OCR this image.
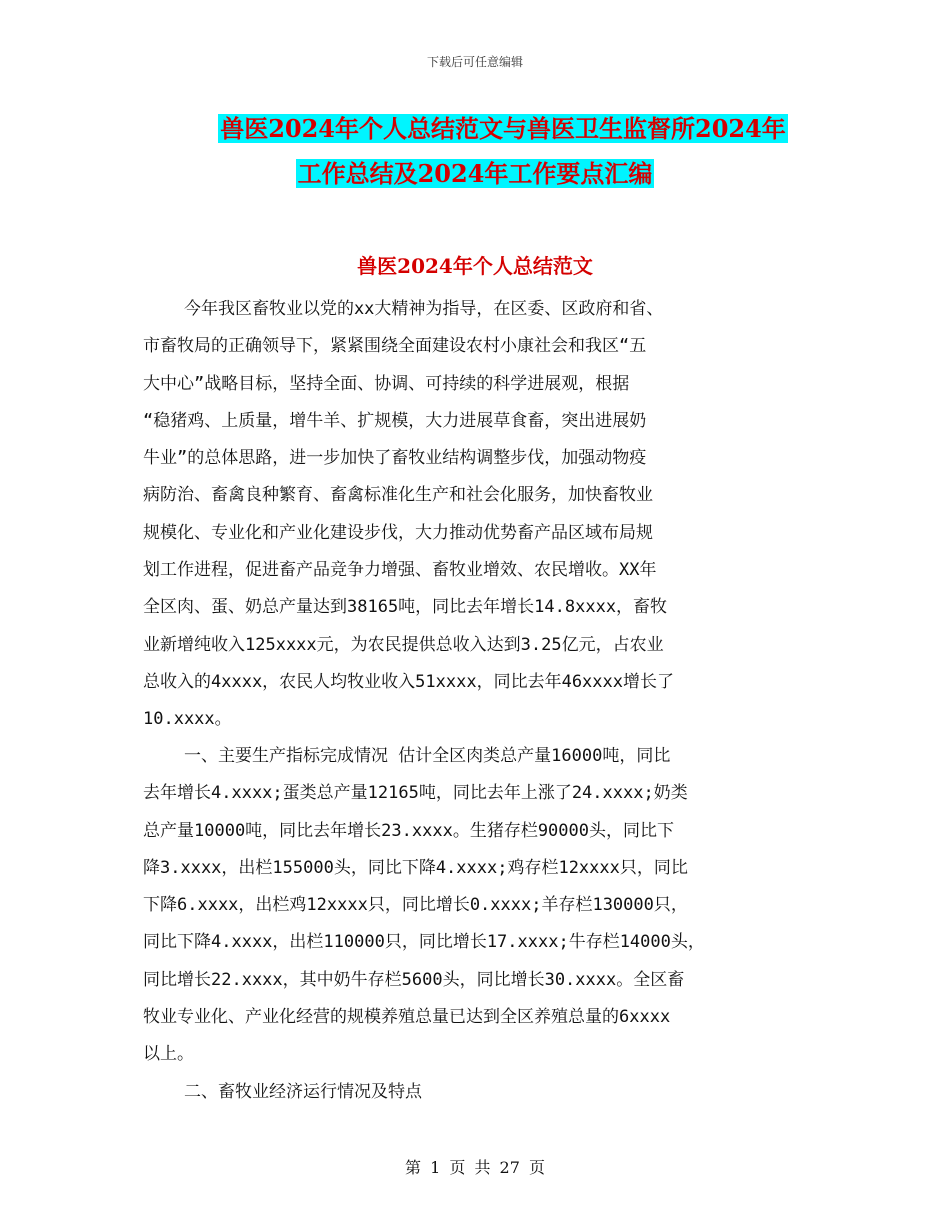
下载后可任意编辑
兽医2024年个人总结范文与兽医卫生监督所2024年
工作总结及2024年工作要点汇编
兽医2024年个人总结范文
今年我区畜牧业以党的xx大精神为指导，在区委、区政府和省、
市畜牧局的正确领导下，紧紧围绕全面建设农村小康社会和我区“五
大中心”战略目标，坚持全面、协调、可持续的科学进展观，根据
“稳猪鸡、上质量，增牛羊、扩规模，大力进展草食畜，突出进展奶
牛业”的总体思路，进一步加快了畜牧业结构调整步伐，加强动物疫
病防治、畜禽良种繁育、畜禽标准化生产和社会化服务，加快畜牧业
规模化、专业化和产业化建设步伐，大力推动优势畜产品区域布局规
划工作进程，促进畜产品竞争力增强、畜牧业增效、农民增收。XX年
全区肉、蛋、奶总产量达到38165吨，同比去年增长14.8xxxx，畜牧
业新增纯收入125xxxx元，为农民提供总收入达到3.25亿元，占农业
总收入的4xxxx，农民人均牧业收入51xxxx，同比去年46xxxx增长了
10.xxxx。
一、主要生产指标完成情况 估计全区肉类总产量16000吨，同比
去年增长4.xxxx;蛋类总产量12165吨，同比去年上涨了24.xxxx;奶类
总产量10000吨，同比去年增长23.xxxx。生猪存栏90000头，同比下
降3.xxxx，出栏155000头，同比下降4.xxxx;鸡存栏12xxxx只，同比
下降6.xxxx，出栏鸡12xxxx只，同比增长0.xxxx;羊存栏130000只，
同比下降4.xxxx，出栏110000只，同比增长17.xxxx;牛存栏14000头，
同比增长22.xxxx，其中奶牛存栏5600头，同比增长30.xxxx。全区畜
牧业专业化、产业化经营的规模养殖总量已达到全区养殖总量的6xxxx
以上。
二、畜牧业经济运行情况及特点
第 1 页 共 27 页
